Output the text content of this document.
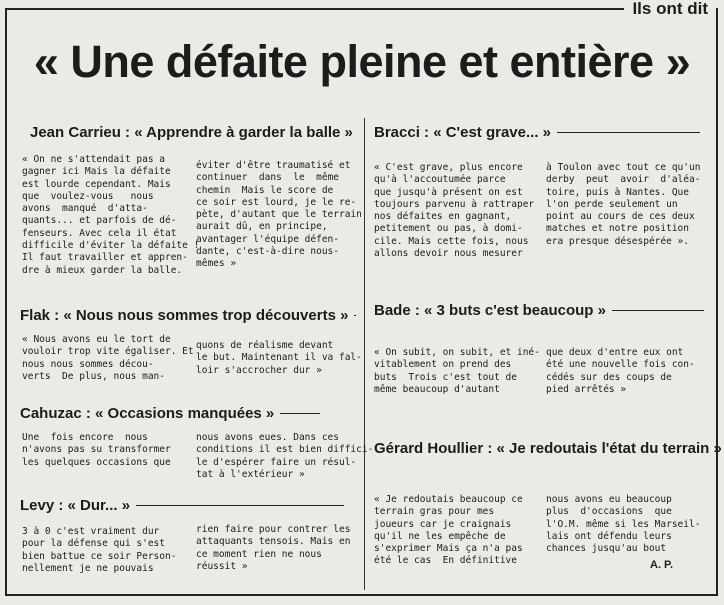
Ils ont dit
« Une défaite pleine et entière »
Jean Carrieu : « Apprendre à garder la balle »
« On ne s'attendait pas a
gagner ici Mais la défaite
est lourde cependant. Mais
que  voulez-vous   nous
avons  manqué  d'atta-
quants... et parfois de dé-
fenseurs. Avec cela il état
difficile d'éviter la défaite !
Il faut travailler et appren-
dre à mieux garder la balle.
éviter d'être traumatisé et
continuer  dans  le  même
chemin  Mais le score de
ce soir est lourd, je le re-
pète, d'autant que le terrain
aurait dû, en principe,
avantager l'équipe défen-
dante, c'est-à-dire nous-
mêmes »
Flak : « Nous nous sommes trop découverts »
« Nous avons eu le tort de
vouloir trop vite égaliser. Et
nous nous sommes décou-
verts  De plus, nous man-
quons de réalisme devant
le but. Maintenant il va fal-
loir s'accrocher dur »
Cahuzac : « Occasions manquées »
Une  fois encore  nous
n'avons pas su transformer
les quelques occasions que
nous avons eues. Dans ces
conditions il est bien diffici-
le d'espérer faire un résul-
tat à l'extérieur »
Levy : « Dur... »
3 à 0 c'est vraiment dur
pour la défense qui s'est
bien battue ce soir Person-
nellement je ne pouvais
rien faire pour contrer les
attaquants tensois. Mais en
ce moment rien ne nous
réussit »
Bracci : « C'est grave... »
« C'est grave, plus encore
qu'à l'accoutumée parce
que jusqu'à présent on est
toujours parvenu à rattraper
nos défaites en gagnant,
petitement ou pas, à domi-
cile. Mais cette fois, nous
allons devoir nous mesurer
à Toulon avec tout ce qu'un
derby  peut  avoir  d'aléa-
toire, puis à Nantes. Que
l'on perde seulement un
point au cours de ces deux
matches et notre position
era presque désespérée ».
Bade : « 3 buts c'est beaucoup »
« On subit, on subit, et iné-
vitablement on prend des
buts  Trois c'est tout de
même beaucoup d'autant
que deux d'entre eux ont
été une nouvelle fois con-
cédés sur des coups de
pied arrêtés »
Gérard Houllier : « Je redoutais l'état du terrain »
« Je redoutais beaucoup ce
terrain gras pour mes
joueurs car je craignais
qu'il ne les empêche de
s'exprimer Mais ça n'a pas
été le cas  En définitive
nous avons eu beaucoup
plus  d'occasions  que
l'O.M. même si les Marseil-
lais ont défendu leurs
chances jusqu'au bout
A. P.
